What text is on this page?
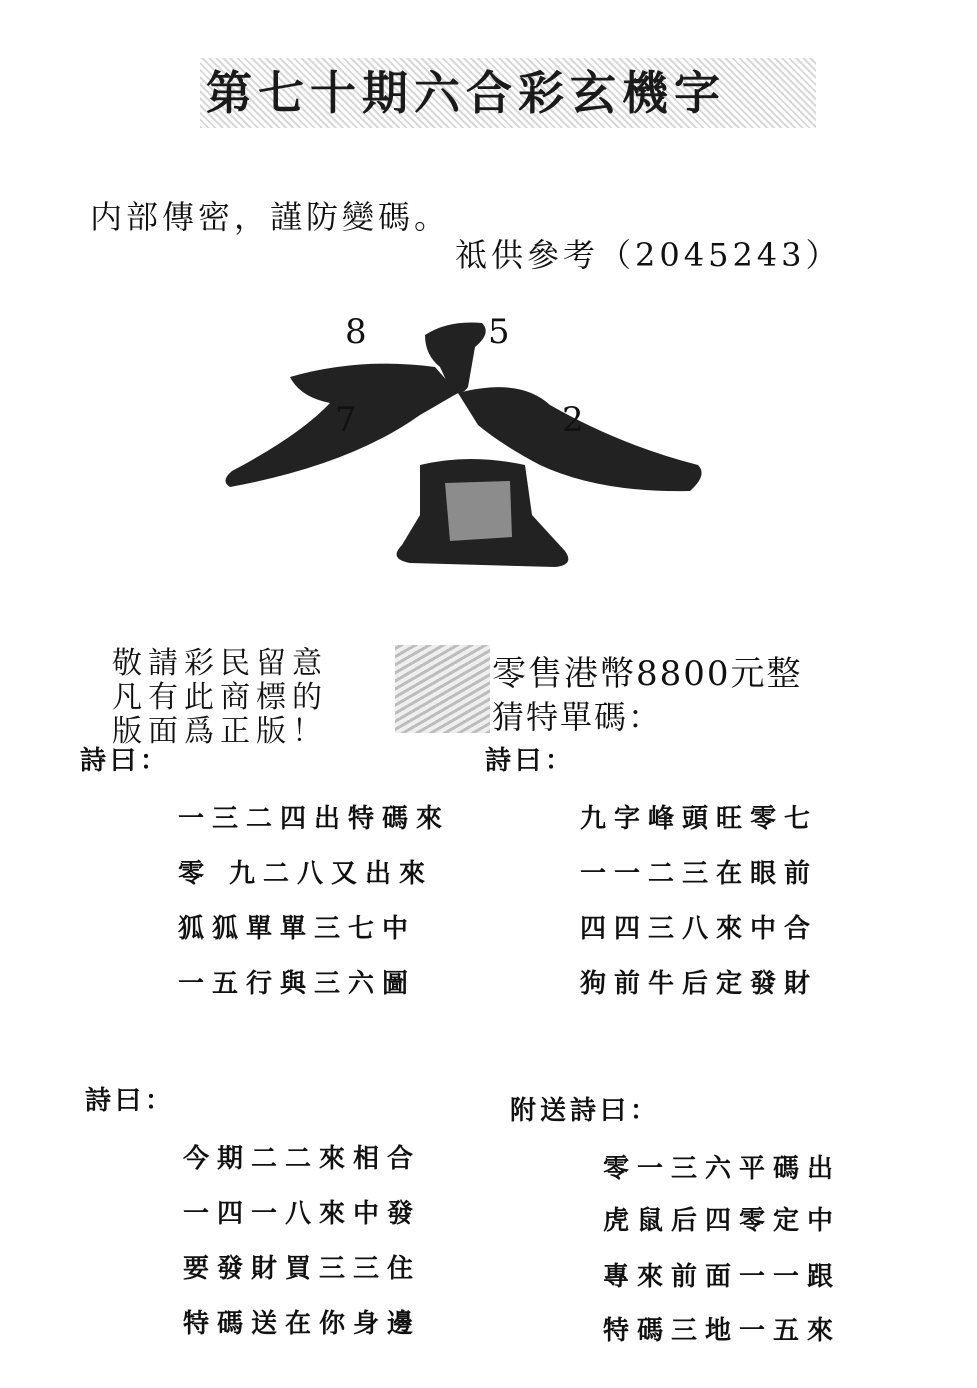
第七十期六合彩玄機字
内部傳密，謹防變碼。
祗供參考（2045243）
8	5
7	2
敬請彩民留意
凡有此商標的
版面爲正版！
零售港幣8800元整
猜特單碼：
詩曰：	詩曰：
一三二四出特碼來
零 九二八又出來
狐狐單單三七中
一五行與三六圖
九字峰頭旺零七
一一二三在眼前
四四三八來中合
狗前牛后定發財
詩曰：	附送詩曰：
今期二二來相合
一四一八來中發
要發財買三三住
特碼送在你身邊
零一三六平碼出
虎鼠后四零定中
專來前面一一跟
特碼三地一五來
